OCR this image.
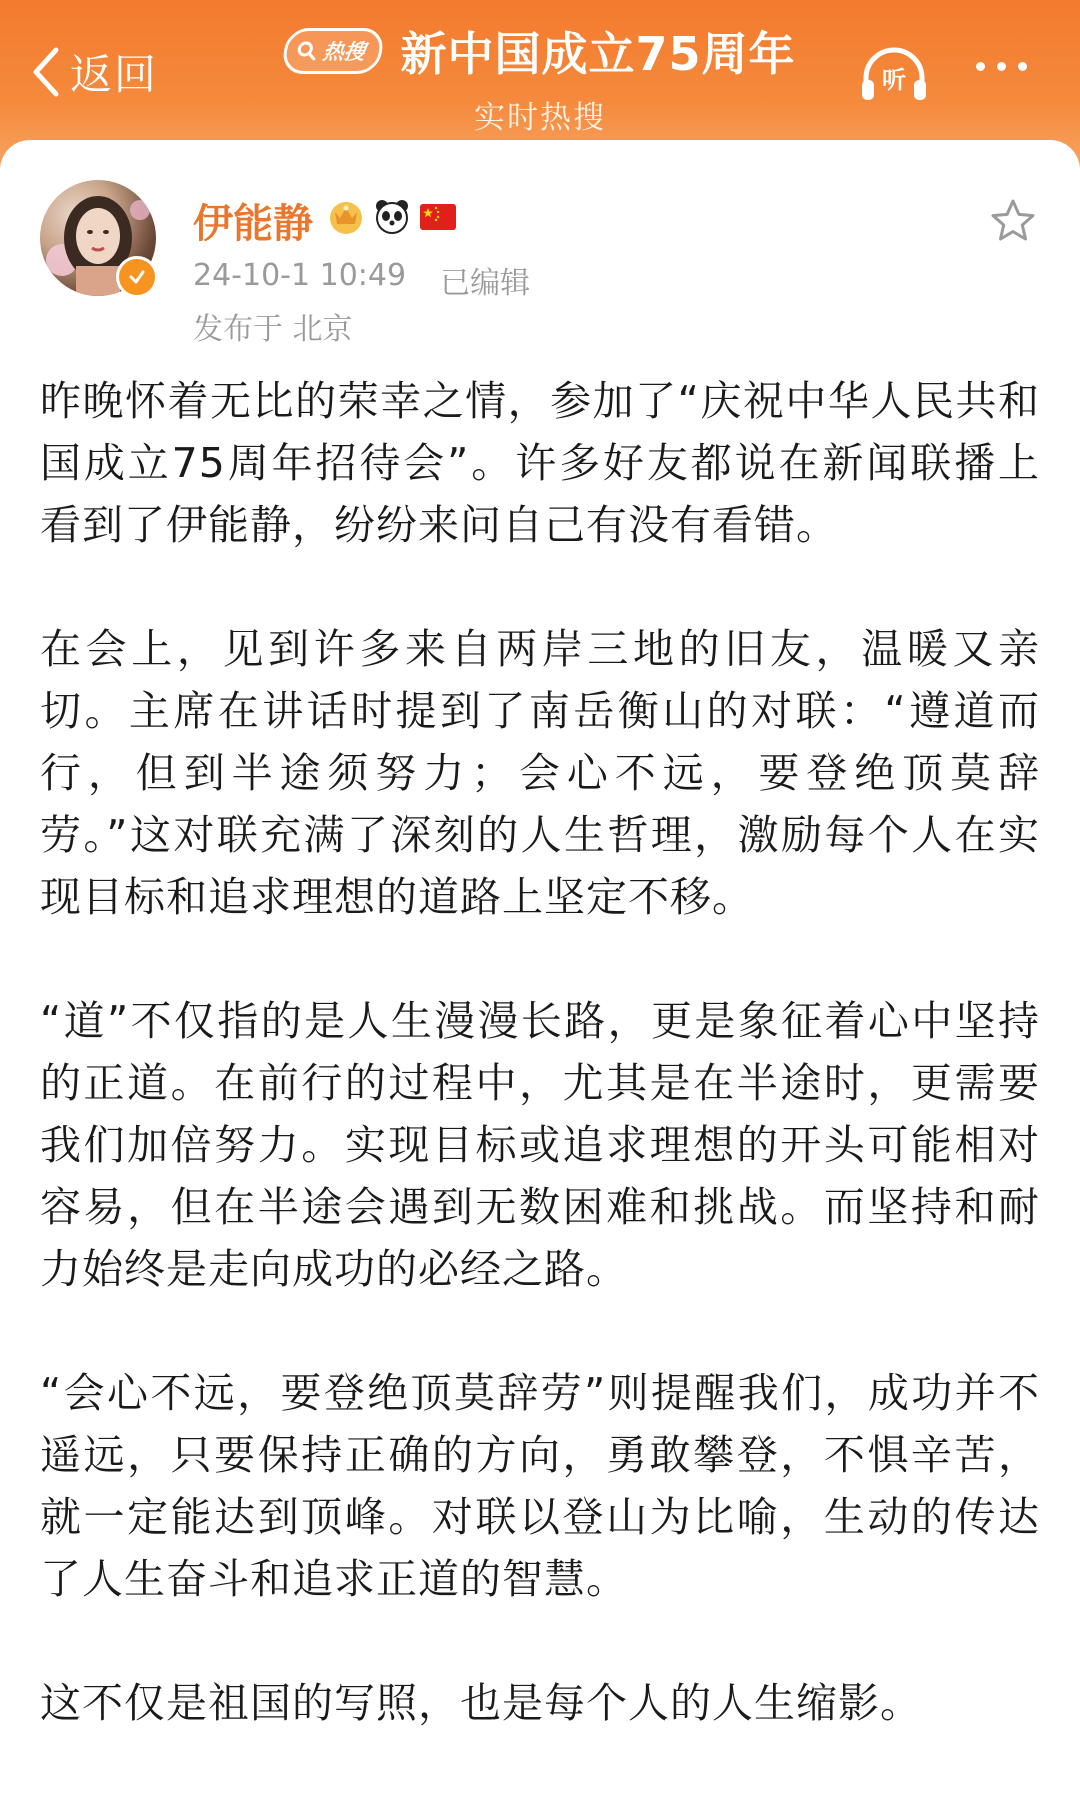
返回	热搜 新中国成立75周年
实时热搜
听
伊能静
24-10-1 10:49 已编辑
发布于 北京

昨晚怀着无比的荣幸之情，参加了“庆祝中华人民共和国成立75周年招待会”。许多好友都说在新闻联播上看到了伊能静，纷纷来问自己有没有看错。

在会上，见到许多来自两岸三地的旧友，温暖又亲切。主席在讲话时提到了南岳衡山的对联：“遵道而行，但到半途须努力；会心不远，要登绝顶莫辞劳。”这对联充满了深刻的人生哲理，激励每个人在实现目标和追求理想的道路上坚定不移。

“道”不仅指的是人生漫漫长路，更是象征着心中坚持的正道。在前行的过程中，尤其是在半途时，更需要我们加倍努力。实现目标或追求理想的开头可能相对容易，但在半途会遇到无数困难和挑战。而坚持和耐力始终是走向成功的必经之路。

“会心不远，要登绝顶莫辞劳”则提醒我们，成功并不遥远，只要保持正确的方向，勇敢攀登，不惧辛苦，就一定能达到顶峰。对联以登山为比喻，生动的传达了人生奋斗和追求正道的智慧。

这不仅是祖国的写照，也是每个人的人生缩影。
